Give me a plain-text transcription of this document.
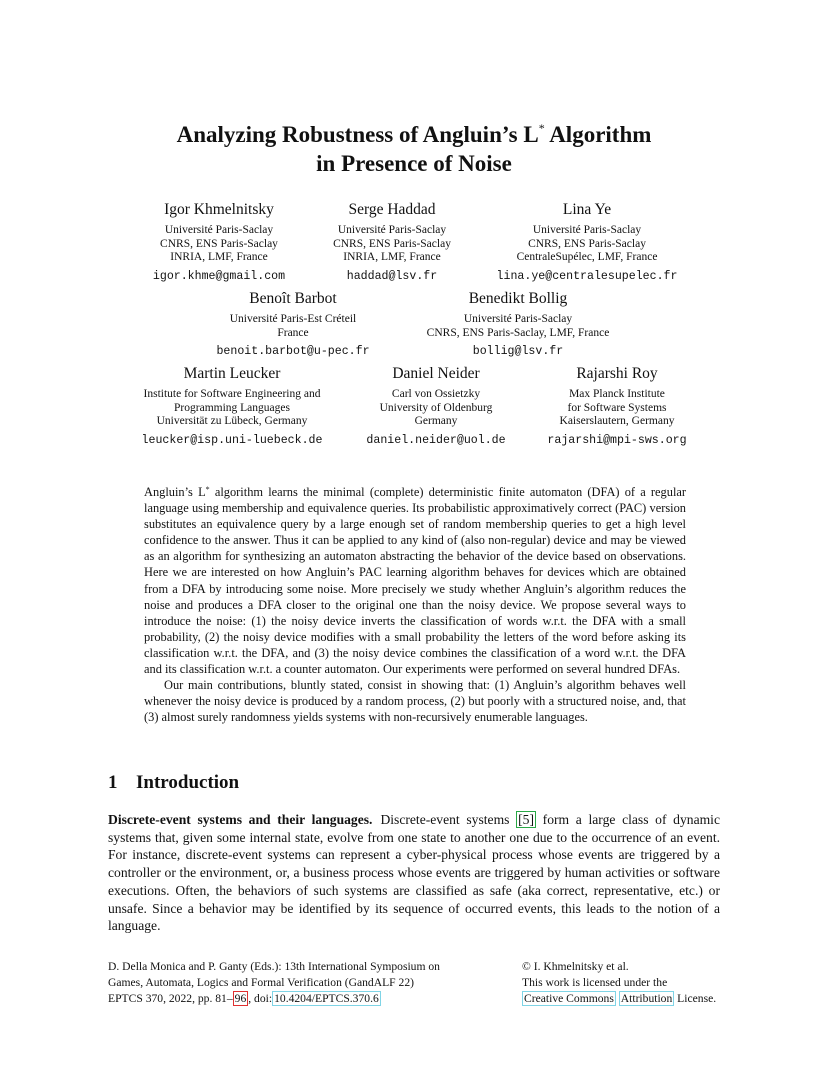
Analyzing Robustness of Angluin’s L* Algorithm
in Presence of Noise
Igor Khmelnitsky
Université Paris-Saclay
CNRS, ENS Paris-Saclay
INRIA, LMF, France
igor.khme@gmail.com
Serge Haddad
Université Paris-Saclay
CNRS, ENS Paris-Saclay
INRIA, LMF, France
haddad@lsv.fr
Lina Ye
Université Paris-Saclay
CNRS, ENS Paris-Saclay
CentraleSupélec, LMF, France
lina.ye@centralesupelec.fr
Benoît Barbot
Université Paris-Est Créteil
France
benoit.barbot@u-pec.fr
Benedikt Bollig
Université Paris-Saclay
CNRS, ENS Paris-Saclay, LMF, France
bollig@lsv.fr
Martin Leucker
Institute for Software Engineering and
Programming Languages
Universität zu Lübeck, Germany
leucker@isp.uni-luebeck.de
Daniel Neider
Carl von Ossietzky
University of Oldenburg
Germany
daniel.neider@uol.de
Rajarshi Roy
Max Planck Institute
for Software Systems
Kaiserslautern, Germany
rajarshi@mpi-sws.org

Angluin’s L* algorithm learns the minimal (complete) deterministic finite automaton (DFA) of a regular language using membership and equivalence queries. Its probabilistic approximatively correct (PAC) version substitutes an equivalence query by a large enough set of random membership queries to get a high level confidence to the answer. Thus it can be applied to any kind of (also non-regular) device and may be viewed as an algorithm for synthesizing an automaton abstracting the behavior of the device based on observations. Here we are interested on how Angluin’s PAC learning algorithm behaves for devices which are obtained from a DFA by introducing some noise. More precisely we study whether Angluin’s algorithm reduces the noise and produces a DFA closer to the original one than the noisy device. We propose several ways to introduce the noise: (1) the noisy device inverts the classification of words w.r.t. the DFA with a small probability, (2) the noisy device modifies with a small probability the letters of the word before asking its classification w.r.t. the DFA, and (3) the noisy device combines the classification of a word w.r.t. the DFA and its classification w.r.t. a counter automaton. Our experiments were performed on several hundred DFAs.

Our main contributions, bluntly stated, consist in showing that: (1) Angluin’s algorithm behaves well whenever the noisy device is produced by a random process, (2) but poorly with a structured noise, and, that (3) almost surely randomness yields systems with non-recursively enumerable languages.

1 Introduction
Discrete-event systems and their languages. Discrete-event systems [5] form a large class of dynamic systems that, given some internal state, evolve from one state to another one due to the occurrence of an event. For instance, discrete-event systems can represent a cyber-physical process whose events are triggered by a controller or the environment, or, a business process whose events are triggered by human activities or software executions. Often, the behaviors of such systems are classified as safe (aka correct, representative, etc.) or unsafe. Since a behavior may be identified by its sequence of occurred events, this leads to the notion of a language.
D. Della Monica and P. Ganty (Eds.): 13th International Symposium on
Games, Automata, Logics and Formal Verification (GandALF 22)
EPTCS 370, 2022, pp. 81– 96 , doi: 10.4204/EPTCS.370.6
© I. Khmelnitsky et al.
This work is licensed under the
Creative Commons Attribution License.
